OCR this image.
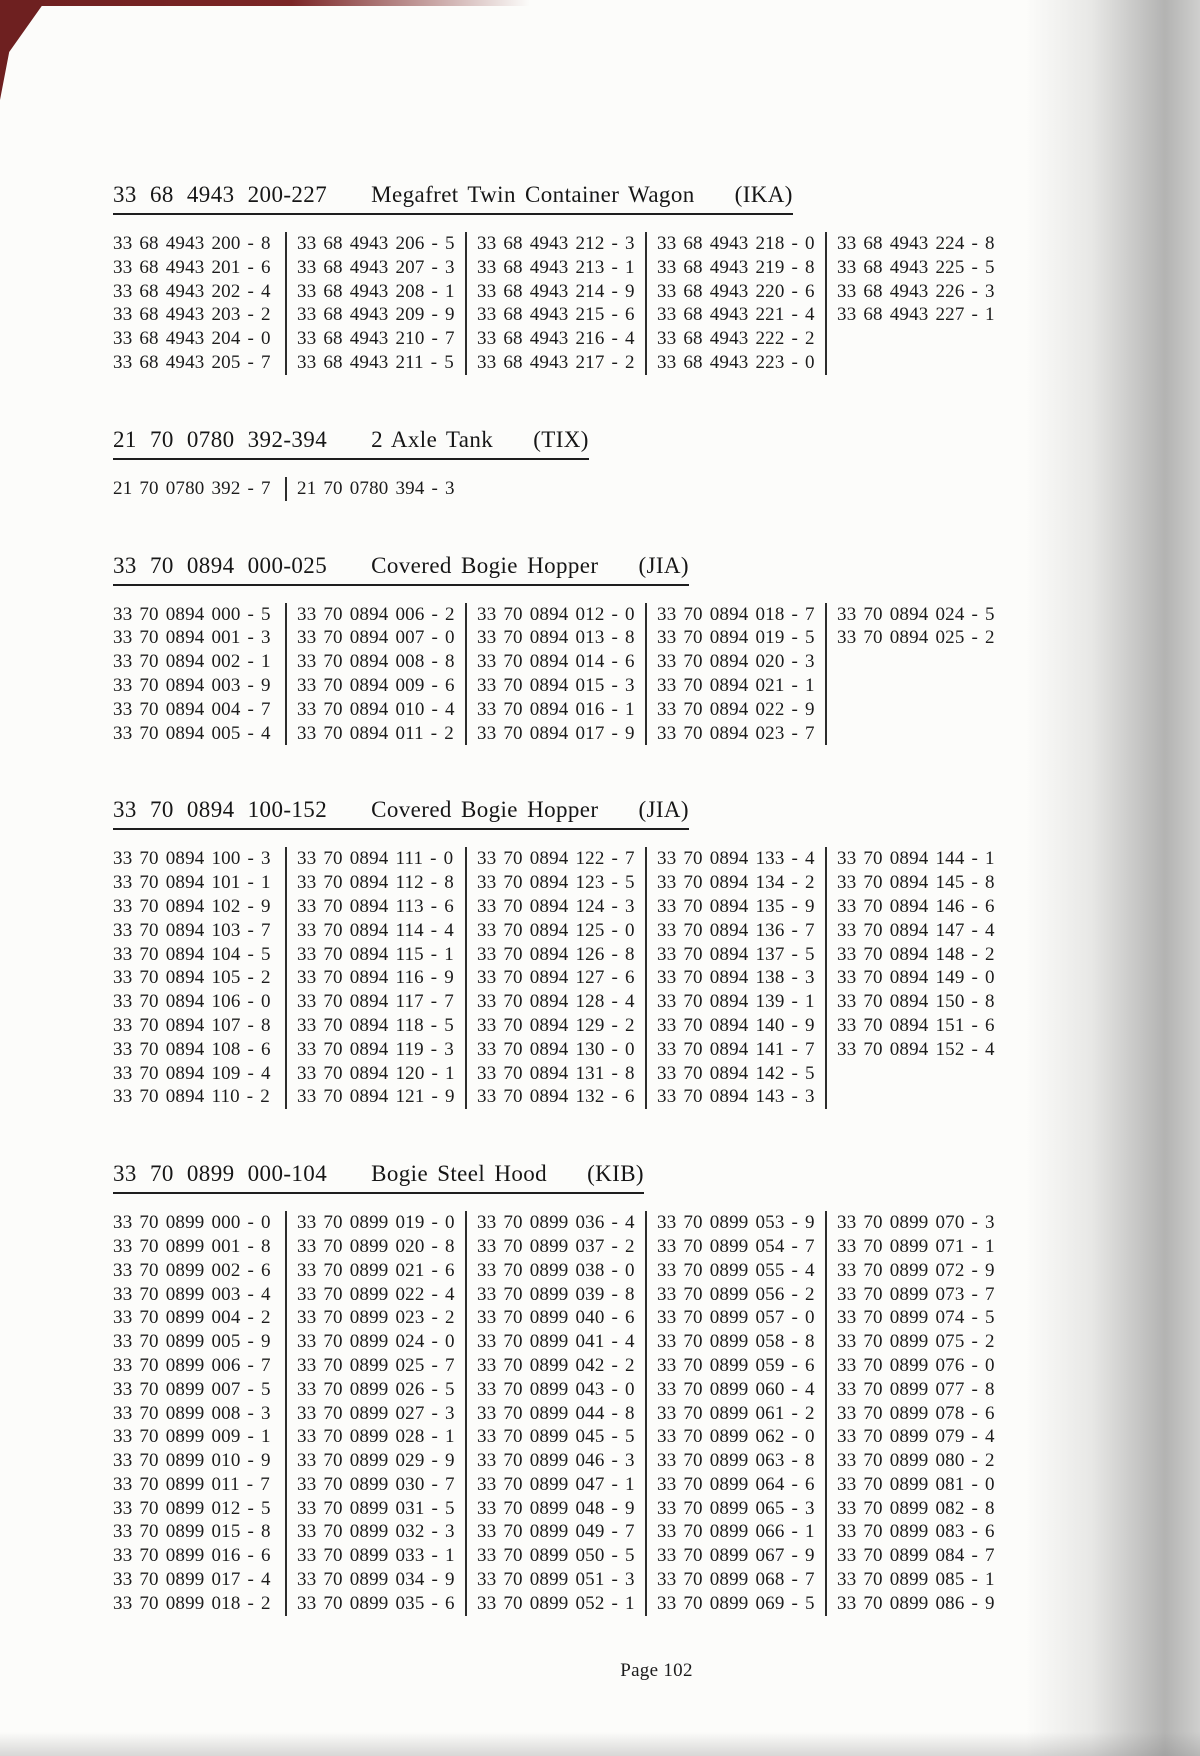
33 68 4943 200-227 Megafret Twin Container Wagon (IKA)
33 68 4943 200 - 8
33 68 4943 201 - 6
33 68 4943 202 - 4
33 68 4943 203 - 2
33 68 4943 204 - 0
33 68 4943 205 - 7
33 68 4943 206 - 5
33 68 4943 207 - 3
33 68 4943 208 - 1
33 68 4943 209 - 9
33 68 4943 210 - 7
33 68 4943 211 - 5
33 68 4943 212 - 3
33 68 4943 213 - 1
33 68 4943 214 - 9
33 68 4943 215 - 6
33 68 4943 216 - 4
33 68 4943 217 - 2
33 68 4943 218 - 0
33 68 4943 219 - 8
33 68 4943 220 - 6
33 68 4943 221 - 4
33 68 4943 222 - 2
33 68 4943 223 - 0
33 68 4943 224 - 8
33 68 4943 225 - 5
33 68 4943 226 - 3
33 68 4943 227 - 1
21 70 0780 392-394 2 Axle Tank (TIX)
21 70 0780 392 - 7	21 70 0780 394 - 3
33 70 0894 000-025 Covered Bogie Hopper (JIA)
33 70 0894 000 - 5
33 70 0894 001 - 3
33 70 0894 002 - 1
33 70 0894 003 - 9
33 70 0894 004 - 7
33 70 0894 005 - 4
33 70 0894 006 - 2
33 70 0894 007 - 0
33 70 0894 008 - 8
33 70 0894 009 - 6
33 70 0894 010 - 4
33 70 0894 011 - 2
33 70 0894 012 - 0
33 70 0894 013 - 8
33 70 0894 014 - 6
33 70 0894 015 - 3
33 70 0894 016 - 1
33 70 0894 017 - 9
33 70 0894 018 - 7
33 70 0894 019 - 5
33 70 0894 020 - 3
33 70 0894 021 - 1
33 70 0894 022 - 9
33 70 0894 023 - 7
33 70 0894 024 - 5
33 70 0894 025 - 2
33 70 0894 100-152 Covered Bogie Hopper (JIA)
33 70 0894 100 - 3
33 70 0894 101 - 1
33 70 0894 102 - 9
33 70 0894 103 - 7
33 70 0894 104 - 5
33 70 0894 105 - 2
33 70 0894 106 - 0
33 70 0894 107 - 8
33 70 0894 108 - 6
33 70 0894 109 - 4
33 70 0894 110 - 2
33 70 0894 111 - 0
33 70 0894 112 - 8
33 70 0894 113 - 6
33 70 0894 114 - 4
33 70 0894 115 - 1
33 70 0894 116 - 9
33 70 0894 117 - 7
33 70 0894 118 - 5
33 70 0894 119 - 3
33 70 0894 120 - 1
33 70 0894 121 - 9
33 70 0894 122 - 7
33 70 0894 123 - 5
33 70 0894 124 - 3
33 70 0894 125 - 0
33 70 0894 126 - 8
33 70 0894 127 - 6
33 70 0894 128 - 4
33 70 0894 129 - 2
33 70 0894 130 - 0
33 70 0894 131 - 8
33 70 0894 132 - 6
33 70 0894 133 - 4
33 70 0894 134 - 2
33 70 0894 135 - 9
33 70 0894 136 - 7
33 70 0894 137 - 5
33 70 0894 138 - 3
33 70 0894 139 - 1
33 70 0894 140 - 9
33 70 0894 141 - 7
33 70 0894 142 - 5
33 70 0894 143 - 3
33 70 0894 144 - 1
33 70 0894 145 - 8
33 70 0894 146 - 6
33 70 0894 147 - 4
33 70 0894 148 - 2
33 70 0894 149 - 0
33 70 0894 150 - 8
33 70 0894 151 - 6
33 70 0894 152 - 4
33 70 0899 000-104 Bogie Steel Hood (KIB)
33 70 0899 000 - 0
33 70 0899 001 - 8
33 70 0899 002 - 6
33 70 0899 003 - 4
33 70 0899 004 - 2
33 70 0899 005 - 9
33 70 0899 006 - 7
33 70 0899 007 - 5
33 70 0899 008 - 3
33 70 0899 009 - 1
33 70 0899 010 - 9
33 70 0899 011 - 7
33 70 0899 012 - 5
33 70 0899 015 - 8
33 70 0899 016 - 6
33 70 0899 017 - 4
33 70 0899 018 - 2
33 70 0899 019 - 0
33 70 0899 020 - 8
33 70 0899 021 - 6
33 70 0899 022 - 4
33 70 0899 023 - 2
33 70 0899 024 - 0
33 70 0899 025 - 7
33 70 0899 026 - 5
33 70 0899 027 - 3
33 70 0899 028 - 1
33 70 0899 029 - 9
33 70 0899 030 - 7
33 70 0899 031 - 5
33 70 0899 032 - 3
33 70 0899 033 - 1
33 70 0899 034 - 9
33 70 0899 035 - 6
33 70 0899 036 - 4
33 70 0899 037 - 2
33 70 0899 038 - 0
33 70 0899 039 - 8
33 70 0899 040 - 6
33 70 0899 041 - 4
33 70 0899 042 - 2
33 70 0899 043 - 0
33 70 0899 044 - 8
33 70 0899 045 - 5
33 70 0899 046 - 3
33 70 0899 047 - 1
33 70 0899 048 - 9
33 70 0899 049 - 7
33 70 0899 050 - 5
33 70 0899 051 - 3
33 70 0899 052 - 1
33 70 0899 053 - 9
33 70 0899 054 - 7
33 70 0899 055 - 4
33 70 0899 056 - 2
33 70 0899 057 - 0
33 70 0899 058 - 8
33 70 0899 059 - 6
33 70 0899 060 - 4
33 70 0899 061 - 2
33 70 0899 062 - 0
33 70 0899 063 - 8
33 70 0899 064 - 6
33 70 0899 065 - 3
33 70 0899 066 - 1
33 70 0899 067 - 9
33 70 0899 068 - 7
33 70 0899 069 - 5
33 70 0899 070 - 3
33 70 0899 071 - 1
33 70 0899 072 - 9
33 70 0899 073 - 7
33 70 0899 074 - 5
33 70 0899 075 - 2
33 70 0899 076 - 0
33 70 0899 077 - 8
33 70 0899 078 - 6
33 70 0899 079 - 4
33 70 0899 080 - 2
33 70 0899 081 - 0
33 70 0899 082 - 8
33 70 0899 083 - 6
33 70 0899 084 - 7
33 70 0899 085 - 1
33 70 0899 086 - 9
Page 102
